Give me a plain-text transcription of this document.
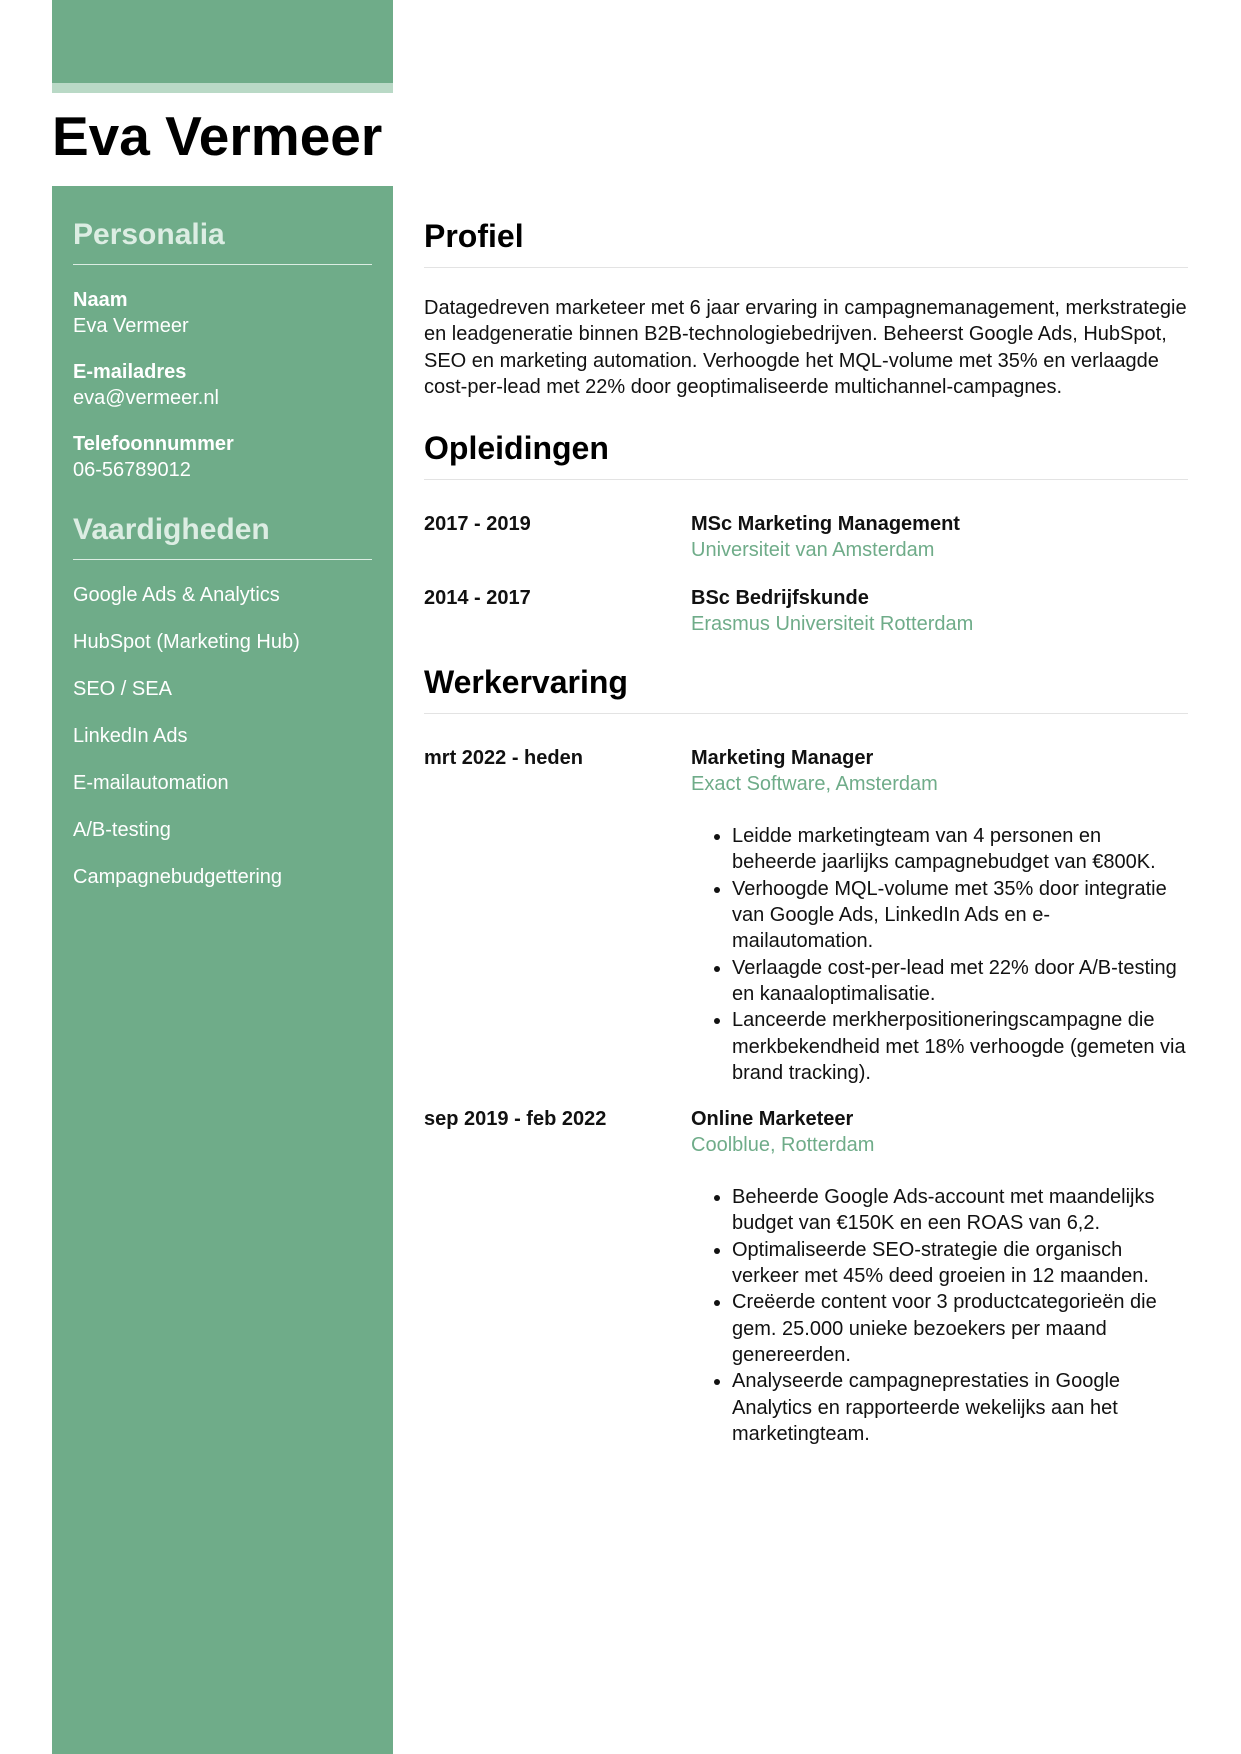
Eva Vermeer
Personalia
Naam
Eva Vermeer
E-mailadres
eva@vermeer.nl
Telefoonnummer
06-56789012
Vaardigheden
Google Ads & Analytics
HubSpot (Marketing Hub)
SEO / SEA
LinkedIn Ads
E-mailautomation
A/B-testing
Campagnebudgettering
Profiel

Datagedreven marketeer met 6 jaar ervaring in campagnemanagement, merkstrategie en leadgeneratie binnen B2B-technologiebedrijven. Beheerst Google Ads, HubSpot, SEO en marketing automation. Verhoogde het MQL-volume met 35% en verlaagde cost-per-lead met 22% door geoptimaliseerde multichannel-campagnes.

Opleidingen
2017 - 2019	MSc Marketing Management
Universiteit van Amsterdam
2014 - 2017	BSc Bedrijfskunde
Erasmus Universiteit Rotterdam
Werkervaring
mrt 2022 - heden	Marketing Manager
Exact Software, Amsterdam
• Leidde marketingteam van 4 personen en beheerde jaarlijks campagnebudget van €800K.
• Verhoogde MQL-volume met 35% door integratie van Google Ads, LinkedIn Ads en e-mailautomation.
• Verlaagde cost-per-lead met 22% door A/B-testing en kanaaloptimalisatie.
• Lanceerde merkherpositioneringscampagne die merkbekendheid met 18% verhoogde (gemeten via brand tracking).
sep 2019 - feb 2022	Online Marketeer
Coolblue, Rotterdam
• Beheerde Google Ads-account met maandelijks budget van €150K en een ROAS van 6,2.
• Optimaliseerde SEO-strategie die organisch verkeer met 45% deed groeien in 12 maanden.
• Creëerde content voor 3 productcategorieën die gem. 25.000 unieke bezoekers per maand genereerden.
• Analyseerde campagneprestaties in Google Analytics en rapporteerde wekelijks aan het marketingteam.
